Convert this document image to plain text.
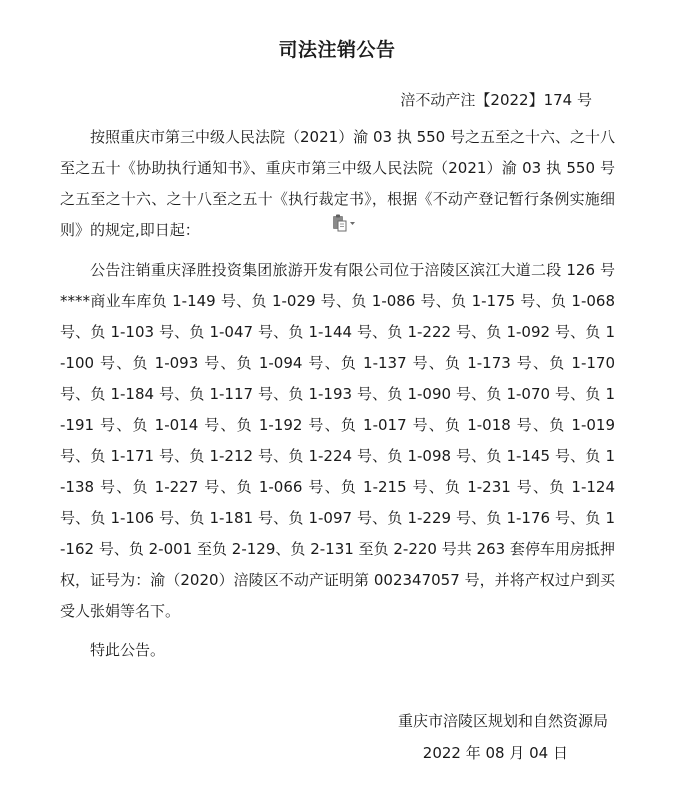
司法注销公告
涪不动产注【2022】174 号
按照重庆市第三中级人民法院（2021）渝 03 执 550 号之五至之十六、之十八至之五十《协助执行通知书》、重庆市第三中级人民法院（2021）渝 03 执 550 号之五至之十六、之十八至之五十《执行裁定书》，根据《不动产登记暂行条例实施细则》的规定,即日起：
公告注销重庆泽胜投资集团旅游开发有限公司位于涪陵区滨江大道二段 126 号****商业车库负 1-149 号、负 1-029 号、负 1-086 号、负 1-175 号、负 1-068 号、负 1-103 号、负 1-047 号、负 1-144 号、负 1-222 号、负 1-092 号、负 1-100 号、负 1-093 号、负 1-094 号、负 1-137 号、负 1-173 号、负 1-170 号、负 1-184 号、负 1-117 号、负 1-193 号、负 1-090 号、负 1-070 号、负 1-191 号、负 1-014 号、负 1-192 号、负 1-017 号、负 1-018 号、负 1-019 号、负 1-171 号、负 1-212 号、负 1-224 号、负 1-098 号、负 1-145 号、负 1-138 号、负 1-227 号、负 1-066 号、负 1-215 号、负 1-231 号、负 1-124 号、负 1-106 号、负 1-181 号、负 1-097 号、负 1-229 号、负 1-176 号、负 1-162 号、负 2-001 至负 2-129、负 2-131 至负 2-220 号共 263 套停车用房抵押权，证号为：渝（2020）涪陵区不动产证明第 002347057 号，并将产权过户到买受人张娟等名下。
特此公告。
重庆市涪陵区规划和自然资源局
2022 年 08 月 04 日
